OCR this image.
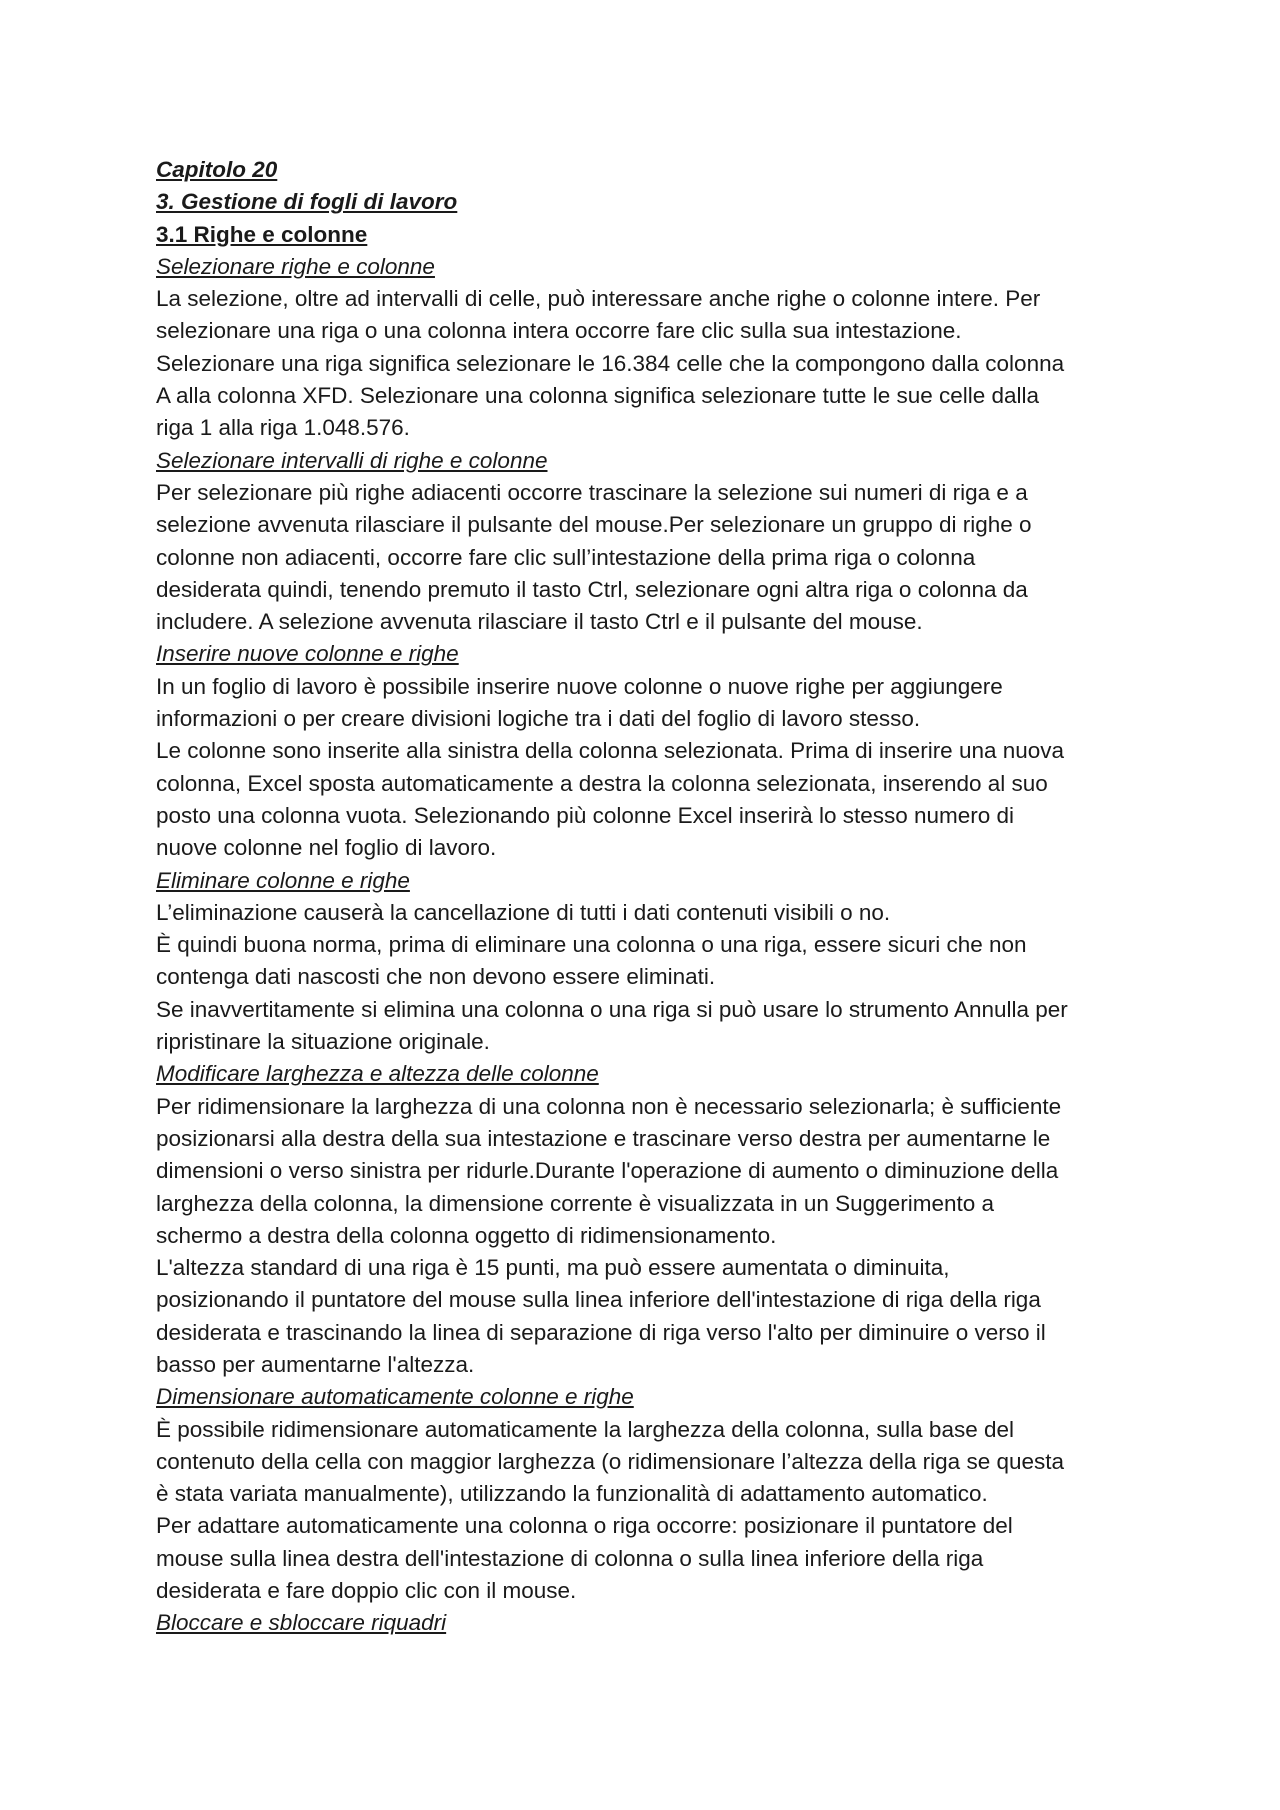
Capitolo 20

3. Gestione di fogli di lavoro

3.1 Righe e colonne

Selezionare righe e colonne

La selezione, oltre ad intervalli di celle, può interessare anche righe o colonne intere. Per

selezionare una riga o una colonna intera occorre fare clic sulla sua intestazione.

Selezionare una riga significa selezionare le 16.384 celle che la compongono dalla colonna

A alla colonna XFD. Selezionare una colonna significa selezionare tutte le sue celle dalla

riga 1 alla riga 1.048.576.

Selezionare intervalli di righe e colonne

Per selezionare più righe adiacenti occorre trascinare la selezione sui numeri di riga e a

selezione avvenuta rilasciare il pulsante del mouse.Per selezionare un gruppo di righe o

colonne non adiacenti, occorre fare clic sull’intestazione della prima riga o colonna

desiderata quindi, tenendo premuto il tasto Ctrl, selezionare ogni altra riga o colonna da

includere. A selezione avvenuta rilasciare il tasto Ctrl e il pulsante del mouse.

Inserire nuove colonne e righe

In un foglio di lavoro è possibile inserire nuove colonne o nuove righe per aggiungere

informazioni o per creare divisioni logiche tra i dati del foglio di lavoro stesso.

Le colonne sono inserite alla sinistra della colonna selezionata. Prima di inserire una nuova

colonna, Excel sposta automaticamente a destra la colonna selezionata, inserendo al suo

posto una colonna vuota. Selezionando più colonne Excel inserirà lo stesso numero di

nuove colonne nel foglio di lavoro.

Eliminare colonne e righe

L’eliminazione causerà la cancellazione di tutti i dati contenuti visibili o no.

È quindi buona norma, prima di eliminare una colonna o una riga, essere sicuri che non

contenga dati nascosti che non devono essere eliminati.

Se inavvertitamente si elimina una colonna o una riga si può usare lo strumento Annulla per

ripristinare la situazione originale.

Modificare larghezza e altezza delle colonne

Per ridimensionare la larghezza di una colonna non è necessario selezionarla; è sufficiente

posizionarsi alla destra della sua intestazione e trascinare verso destra per aumentarne le

dimensioni o verso sinistra per ridurle.Durante l'operazione di aumento o diminuzione della

larghezza della colonna, la dimensione corrente è visualizzata in un Suggerimento a

schermo a destra della colonna oggetto di ridimensionamento.

L'altezza standard di una riga è 15 punti, ma può essere aumentata o diminuita,

posizionando il puntatore del mouse sulla linea inferiore dell'intestazione di riga della riga

desiderata e trascinando la linea di separazione di riga verso l'alto per diminuire o verso il

basso per aumentarne l'altezza.

Dimensionare automaticamente colonne e righe

È possibile ridimensionare automaticamente la larghezza della colonna, sulla base del

contenuto della cella con maggior larghezza (o ridimensionare l’altezza della riga se questa

è stata variata manualmente), utilizzando la funzionalità di adattamento automatico.

Per adattare automaticamente una colonna o riga occorre: posizionare il puntatore del

mouse sulla linea destra dell'intestazione di colonna o sulla linea inferiore della riga

desiderata e fare doppio clic con il mouse.

Bloccare e sbloccare riquadri
